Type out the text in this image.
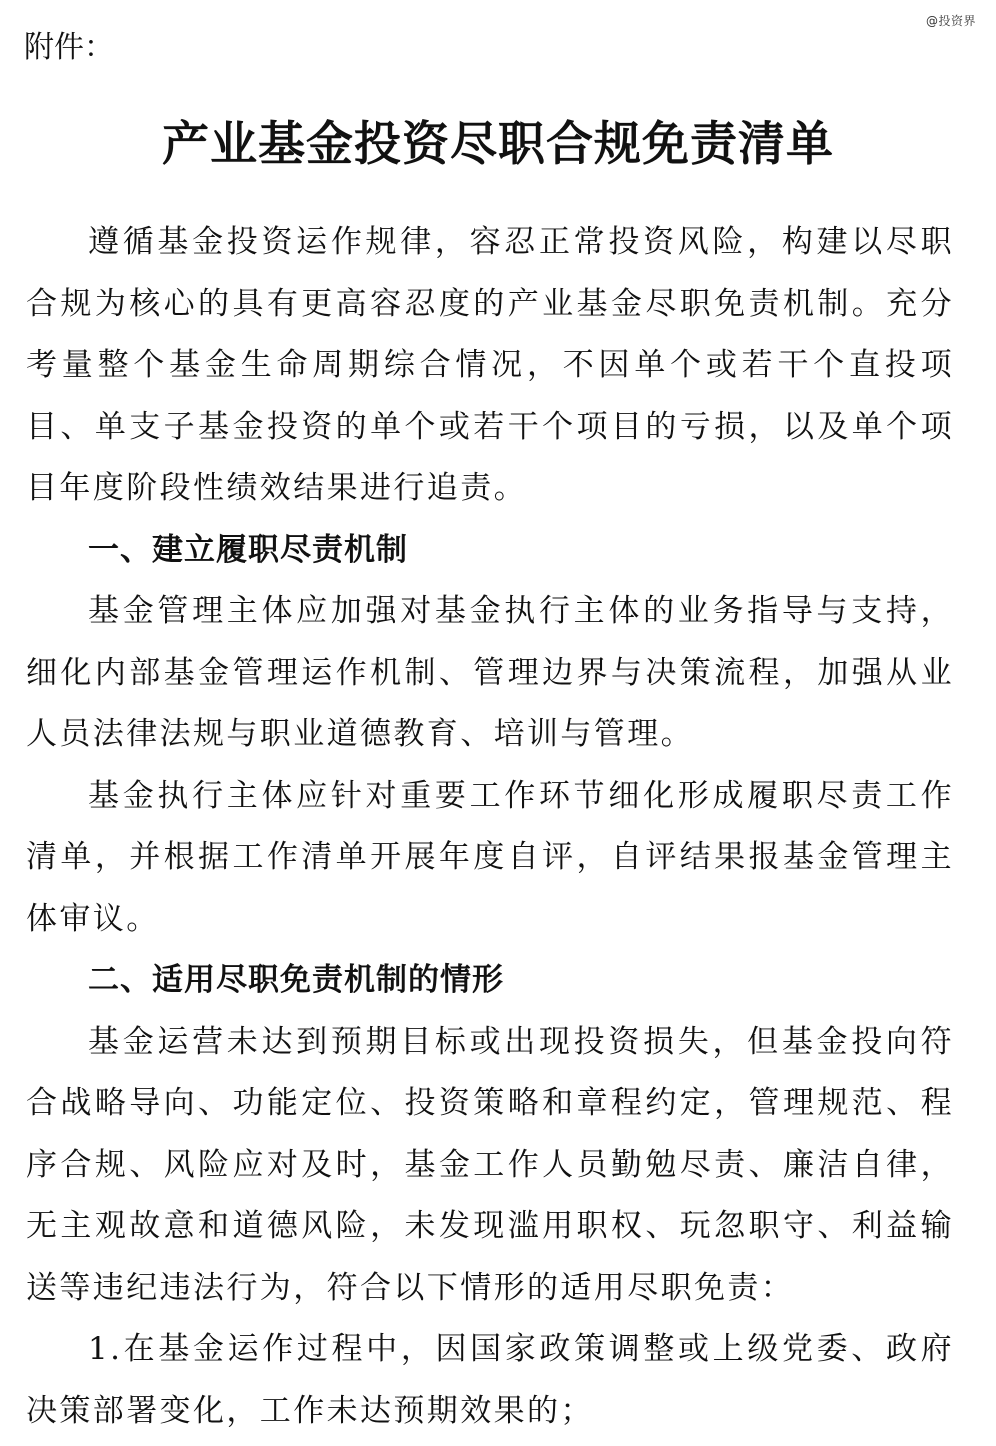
@投资界
附件：
产业基金投资尽职合规免责清单

遵循基金投资运作规律，容忍正常投资风险，构建以尽职合规为核心的具有更高容忍度的产业基金尽职免责机制。充分考量整个基金生命周期综合情况，不因单个或若干个直投项目、单支子基金投资的单个或若干个项目的亏损，以及单个项目年度阶段性绩效结果进行追责。

一、建立履职尽责机制

基金管理主体应加强对基金执行主体的业务指导与支持，细化内部基金管理运作机制、管理边界与决策流程，加强从业人员法律法规与职业道德教育、培训与管理。

基金执行主体应针对重要工作环节细化形成履职尽责工作清单，并根据工作清单开展年度自评，自评结果报基金管理主体审议。

二、适用尽职免责机制的情形

基金运营未达到预期目标或出现投资损失，但基金投向符合战略导向、功能定位、投资策略和章程约定，管理规范、程序合规、风险应对及时，基金工作人员勤勉尽责、廉洁自律，无主观故意和道德风险，未发现滥用职权、玩忽职守、利益输送等违纪违法行为，符合以下情形的适用尽职免责：

1.在基金运作过程中，因国家政策调整或上级党委、政府决策部署变化，工作未达预期效果的；
